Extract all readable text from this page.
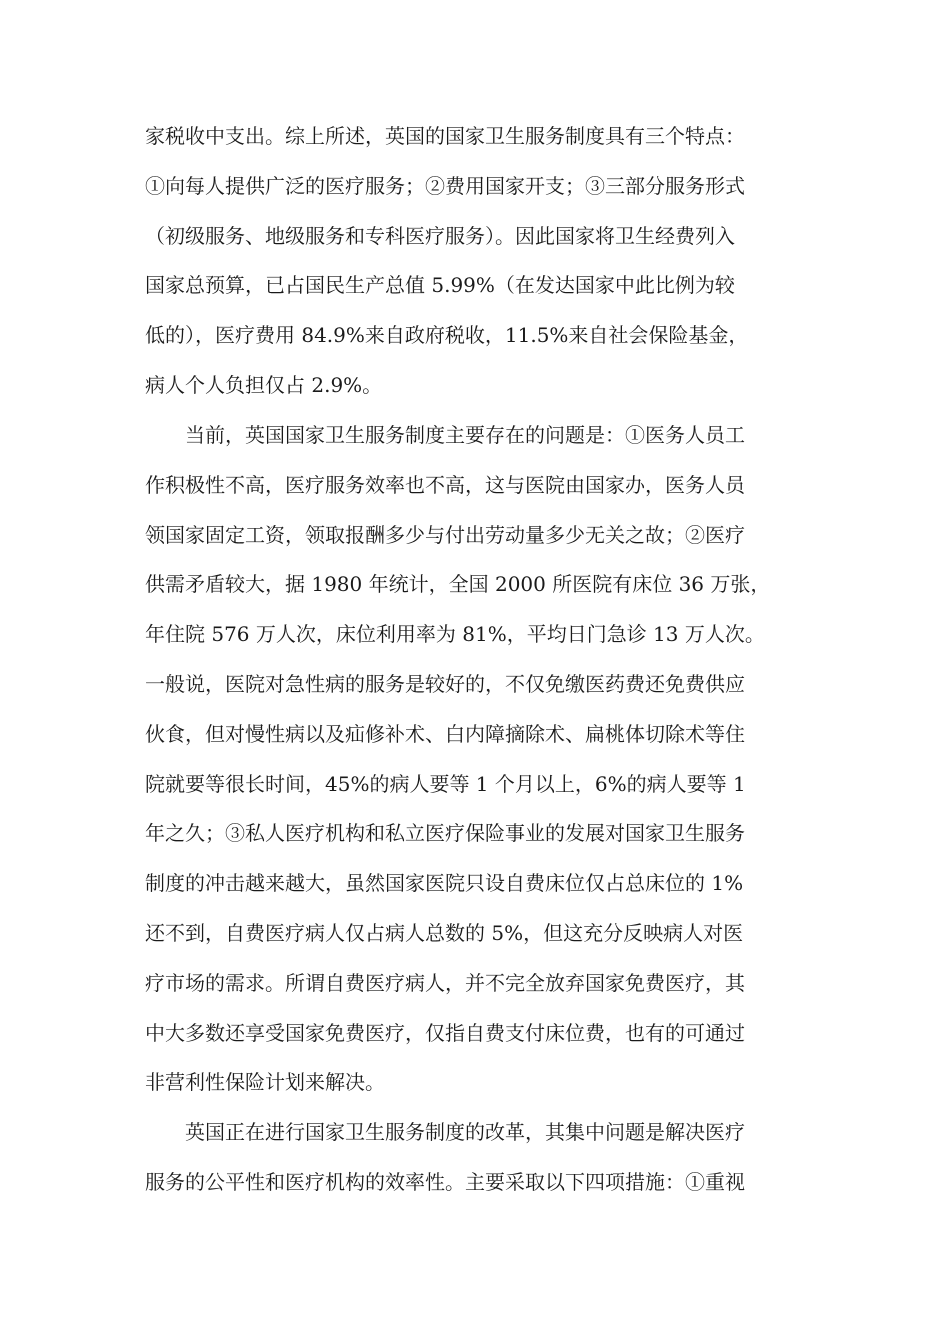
家税收中支出。综上所述，英国的国家卫生服务制度具有三个特点：
①向每人提供广泛的医疗服务；②费用国家开支；③三部分服务形式
（初级服务、地级服务和专科医疗服务）。因此国家将卫生经费列入
国家总预算，已占国民生产总值 5.99%（在发达国家中此比例为较
低的），医疗费用 84.9%来自政府税收，11.5%来自社会保险基金，
病人个人负担仅占 2.9%。

当前，英国国家卫生服务制度主要存在的问题是：①医务人员工
作积极性不高，医疗服务效率也不高，这与医院由国家办，医务人员
领国家固定工资，领取报酬多少与付出劳动量多少无关之故；②医疗
供需矛盾较大，据 1980 年统计，全国 2000 所医院有床位 36 万张，
年住院 576 万人次，床位利用率为 81%，平均日门急诊 13 万人次。
一般说，医院对急性病的服务是较好的，不仅免缴医药费还免费供应
伙食，但对慢性病以及疝修补术、白内障摘除术、扁桃体切除术等住
院就要等很长时间，45%的病人要等 1 个月以上，6%的病人要等 1
年之久；③私人医疗机构和私立医疗保险事业的发展对国家卫生服务
制度的冲击越来越大，虽然国家医院只设自费床位仅占总床位的 1%
还不到，自费医疗病人仅占病人总数的 5%，但这充分反映病人对医
疗市场的需求。所谓自费医疗病人，并不完全放弃国家免费医疗，其
中大多数还享受国家免费医疗，仅指自费支付床位费，也有的可通过
非营利性保险计划来解决。

英国正在进行国家卫生服务制度的改革，其集中问题是解决医疗
服务的公平性和医疗机构的效率性。主要采取以下四项措施：①重视
